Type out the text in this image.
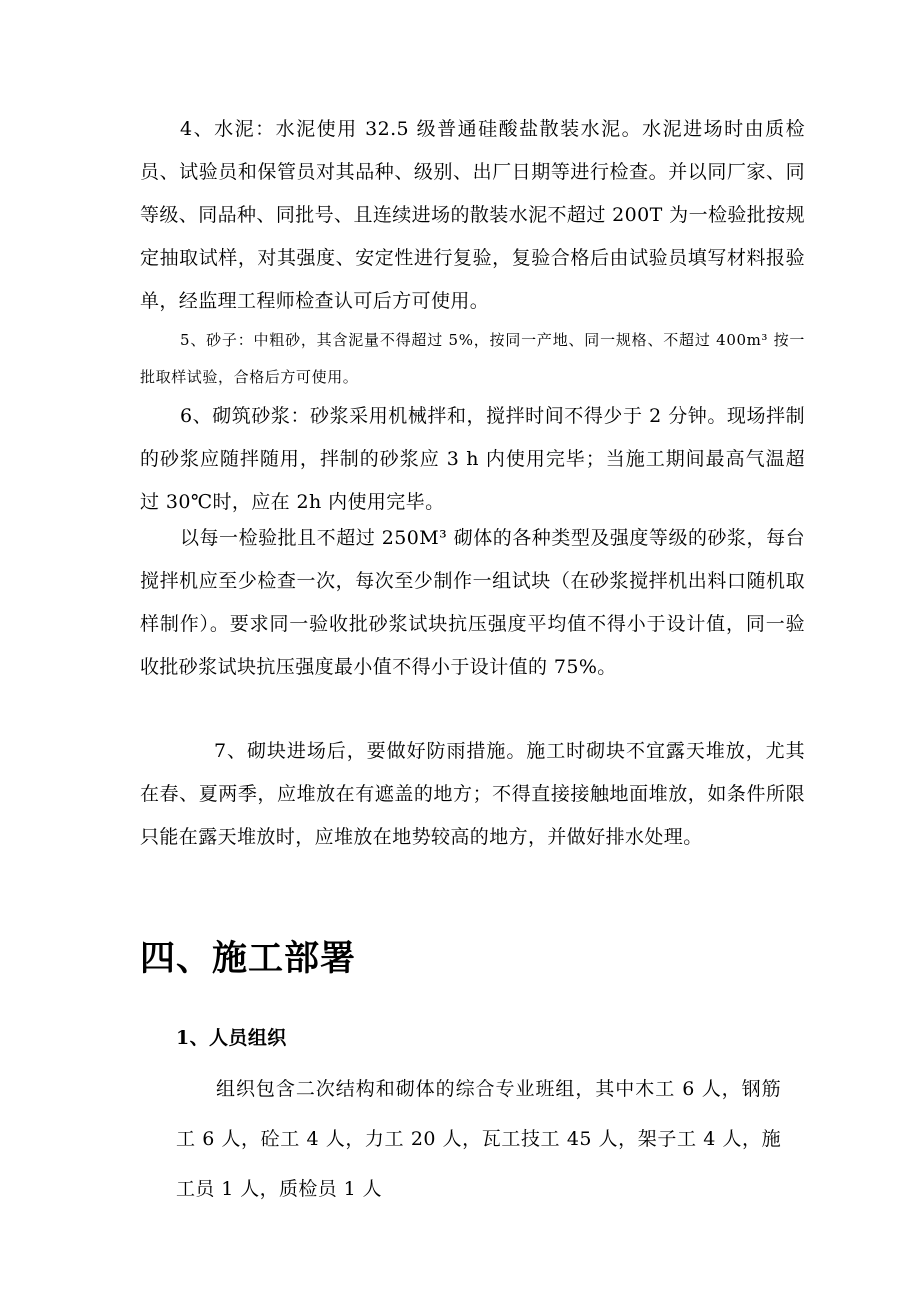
4、水泥：水泥使用 32.5 级普通硅酸盐散装水泥。水泥进场时由质检员、试验员和保管员对其品种、级别、出厂日期等进行检查。并以同厂家、同等级、同品种、同批号、且连续进场的散装水泥不超过 200T 为一检验批按规定抽取试样，对其强度、安定性进行复验，复验合格后由试验员填写材料报验单，经监理工程师检查认可后方可使用。

5、砂子：中粗砂，其含泥量不得超过 5%，按同一产地、同一规格、不超过 400m³ 按一批取样试验，合格后方可使用。

6、砌筑砂浆：砂浆采用机械拌和，搅拌时间不得少于 2 分钟。现场拌制的砂浆应随拌随用，拌制的砂浆应 3 h 内使用完毕；当施工期间最高气温超过 30℃时，应在 2h 内使用完毕。

以每一检验批且不超过 250M³ 砌体的各种类型及强度等级的砂浆，每台搅拌机应至少检查一次，每次至少制作一组试块（在砂浆搅拌机出料口随机取样制作）。要求同一验收批砂浆试块抗压强度平均值不得小于设计值，同一验收批砂浆试块抗压强度最小值不得小于设计值的 75%。

7、砌块进场后，要做好防雨措施。施工时砌块不宜露天堆放，尤其在春、夏两季，应堆放在有遮盖的地方；不得直接接触地面堆放，如条件所限只能在露天堆放时，应堆放在地势较高的地方，并做好排水处理。

四、施工部署
1、人员组织

组织包含二次结构和砌体的综合专业班组，其中木工 6 人，钢筋工 6 人，砼工 4 人，力工 20 人，瓦工技工 45 人，架子工 4 人，施工员 1 人，质检员 1 人
